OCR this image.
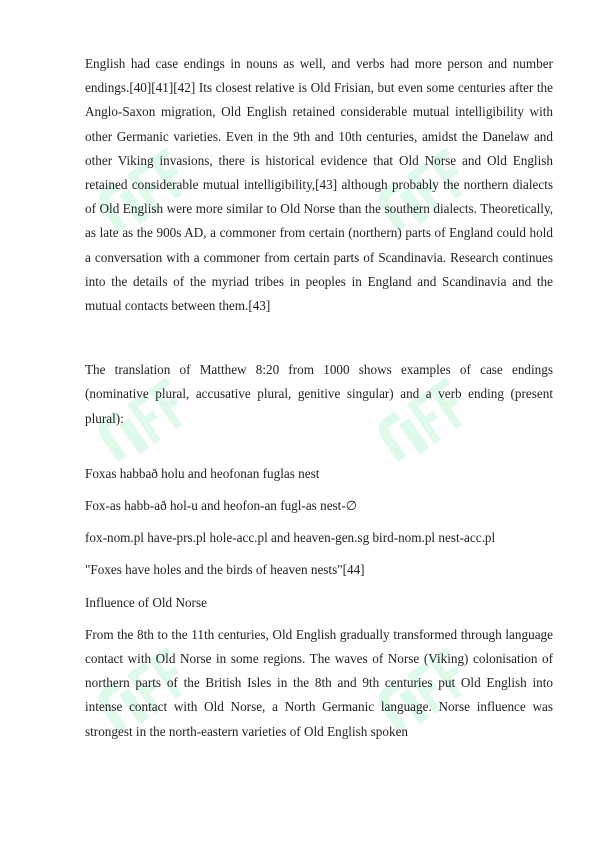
English had case endings in nouns as well, and verbs had more person and number endings.[40][41][42] Its closest relative is Old Frisian, but even some centuries after the Anglo-Saxon migration, Old English retained considerable mutual intelligibility with other Germanic varieties. Even in the 9th and 10th centuries, amidst the Danelaw and other Viking invasions, there is historical evidence that Old Norse and Old English retained considerable mutual intelligibility,[43] although probably the northern dialects of Old English were more similar to Old Norse than the southern dialects. Theoretically, as late as the 900s AD, a commoner from certain (northern) parts of England could hold a conversation with a commoner from certain parts of Scandinavia. Research continues into the details of the myriad tribes in peoples in England and Scandinavia and the mutual contacts between them.[43]

The translation of Matthew 8:20 from 1000 shows examples of case endings (nominative plural, accusative plural, genitive singular) and a verb ending (present plural):

Foxas habbað holu and heofonan fuglas nest

Fox-as habb-að hol-u and heofon-an fugl-as nest-∅

fox-nom.pl have-prs.pl hole-acc.pl and heaven-gen.sg bird-nom.pl nest-acc.pl

"Foxes have holes and the birds of heaven nests"[44]

Influence of Old Norse

From the 8th to the 11th centuries, Old English gradually transformed through language contact with Old Norse in some regions. The waves of Norse (Viking) colonisation of northern parts of the British Isles in the 8th and 9th centuries put Old English into intense contact with Old Norse, a North Germanic language. Norse influence was strongest in the north-eastern varieties of Old English spoken
